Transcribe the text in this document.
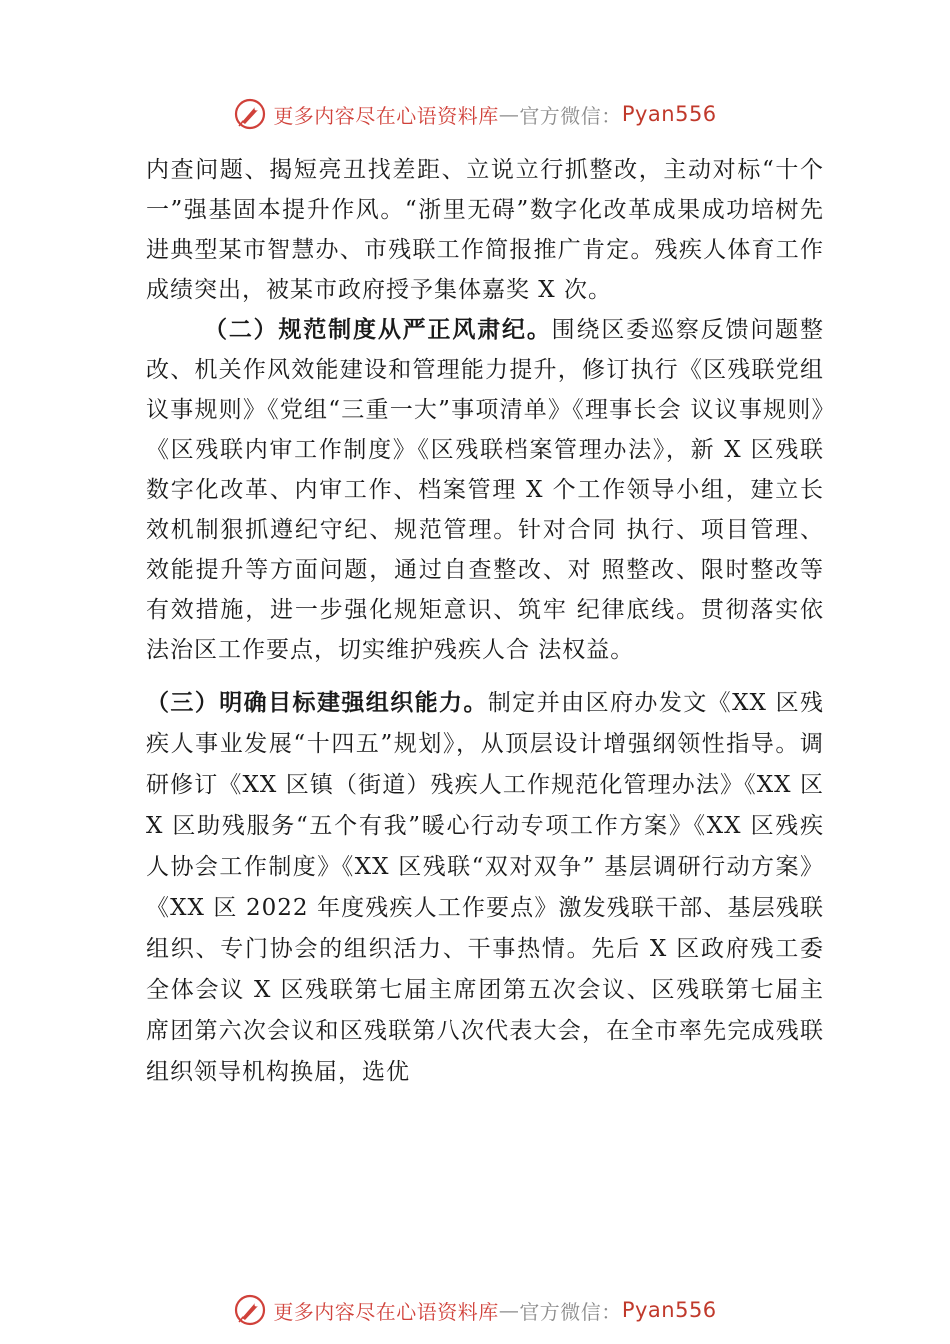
更多内容尽在心语资料库 — 官方微信： Pyan556

内查问题、揭短亮丑找差距、立说立行抓整改，主动对标“十个一”强基固本提升作风。“浙里无碍”数字化改革成果成功培树先进典型某市智慧办、市残联工作简报推广肯定。残疾人体育工作成绩突出，被某市政府授予集体嘉奖 X 次。

（二）规范制度从严正风肃纪。围绕区委巡察反馈问题整改、机关作风效能建设和管理能力提升，修订执行《区残联党组议事规则》《党组“三重一大”事项清单》《理事长会 议议事规则》《区残联内审工作制度》《区残联档案管理办法》，新 X 区残联数字化改革、内审工作、档案管理 X 个工作领导小组，建立长效机制狠抓遵纪守纪、规范管理。针对合同 执行、项目管理、效能提升等方面问题，通过自查整改、对 照整改、限时整改等有效措施，进一步强化规矩意识、筑牢 纪律底线。贯彻落实依法治区工作要点，切实维护残疾人合 法权益。

（三）明确目标建强组织能力。制定并由区府办发文《XX 区残疾人事业发展“十四五”规划》，从顶层设计增强纲领性指导。调研修订《XX 区镇（街道）残疾人工作规范化管理办法》《XX 区 X 区助残服务“五个有我”暖心行动专项工作方案》《XX 区残疾人协会工作制度》《XX 区残联“双对双争” 基层调研行动方案》《XX 区 2022 年度残疾人工作要点》激发残联干部、基层残联组织、专门协会的组织活力、干事热情。先后 X 区政府残工委全体会议 X 区残联第七届主席团第五次会议、区残联第七届主席团第六次会议和区残联第八次代表大会，在全市率先完成残联组织领导机构换届，选优

更多内容尽在心语资料库 — 官方微信： Pyan556
